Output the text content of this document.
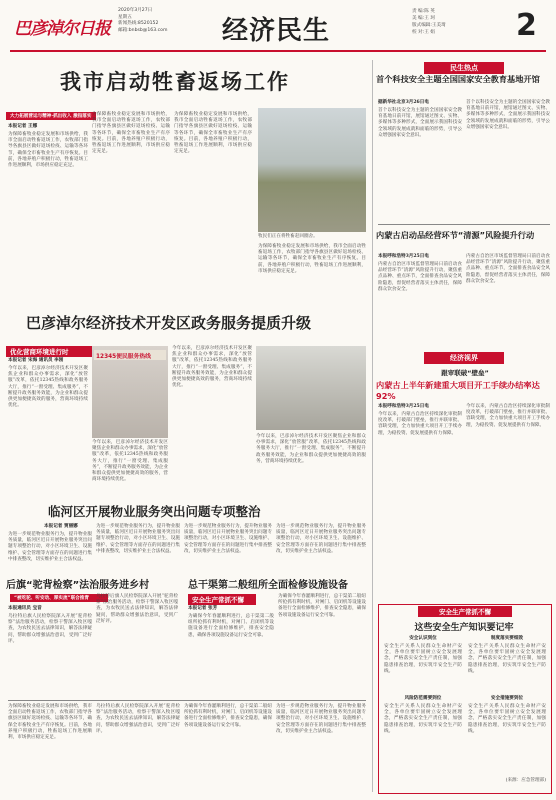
巴彦淖尔日报
2020年3月27日
星期五
新闻热线:8520152
邮箱:bnbsb@163.com 经济民生
责 编:陈 英
美 编:王 珂
版式编辑:王美琦
校 对:王 娟	2
我市启动牲畜返场工作
大力拓展营运与精神·抓出收入 激指落实
本报记者 王娜
为保障畜牧业稳定发展和市场供给，我市全面启动牲畜返场工作，农牧部门指导各旗县区做好返场检疫、运输等各环节，确保全市畜牧业生产有序恢复。目前，各地养殖户积极行动，牲畜返场工作进展顺利，市场供应稳定充足。
为保障畜牧业稳定发展和市场供给，我市全面启动牲畜返场工作，农牧部门指导各旗县区做好返场检疫、运输等各环节，确保全市畜牧业生产有序恢复。目前，各地养殖户积极行动，牲畜返场工作进展顺利，市场供应稳定充足。
为保障畜牧业稳定发展和市场供给，我市全面启动牲畜返场工作，农牧部门指导各旗县区做好返场检疫、运输等各环节，确保全市畜牧业生产有序恢复。目前，各地养殖户积极行动，牲畜返场工作进展顺利，市场供应稳定充足。
牧民们正在将牲畜赶回圈舍。
为保障畜牧业稳定发展和市场供给，我市全面启动牲畜返场工作，农牧部门指导各旗县区做好返场检疫、运输等各环节，确保全市畜牧业生产有序恢复。目前，各地养殖户积极行动，牲畜返场工作进展顺利，市场供应稳定充足。
巴彦淖尔经济技术开发区政务服务提质升级
优化营商环境进行时
本报记者 宋海 通讯员 李刚
今年以来，巴彦淖尔经济技术开发区聚焦企业和群众办事需求，深化“放管服”改革，依托12345热线和政务服务大厅，推行“一窗受理、集成服务”，不断提升政务服务效能，为企业和群众提供更加便捷高效的服务，营商环境持续优化。
12345便民服务热线
今年以来，巴彦淖尔经济技术开发区聚焦企业和群众办事需求，深化“放管服”改革，依托12345热线和政务服务大厅，推行“一窗受理、集成服务”，不断提升政务服务效能，为企业和群众提供更加便捷高效的服务，营商环境持续优化。
今年以来，巴彦淖尔经济技术开发区聚焦企业和群众办事需求，深化“放管服”改革，依托12345热线和政务服务大厅，推行“一窗受理、集成服务”，不断提升政务服务效能，为企业和群众提供更加便捷高效的服务，营商环境持续优化。
今年以来，巴彦淖尔经济技术开发区聚焦企业和群众办事需求，深化“放管服”改革，依托12345热线和政务服务大厅，推行“一窗受理、集成服务”，不断提升政务服务效能，为企业和群众提供更加便捷高效的服务，营商环境持续优化。
临河区开展物业服务突出问题专项整治
本报记者 贾丽娜
为进一步规范物业服务行为，提升物业服务质量，临河区近日开展物业服务突出问题专项整治行动，对小区环境卫生、设施维护、安全管理等方面存在的问题进行集中排查整改，切实维护业主合法权益。
为进一步规范物业服务行为，提升物业服务质量，临河区近日开展物业服务突出问题专项整治行动，对小区环境卫生、设施维护、安全管理等方面存在的问题进行集中排查整改，切实维护业主合法权益。
为进一步规范物业服务行为，提升物业服务质量，临河区近日开展物业服务突出问题专项整治行动，对小区环境卫生、设施维护、安全管理等方面存在的问题进行集中排查整改，切实维护业主合法权益。
为进一步规范物业服务行为，提升物业服务质量，临河区近日开展物业服务突出问题专项整治行动，对小区环境卫生、设施维护、安全管理等方面存在的问题进行集中排查整改，切实维护业主合法权益。
后旗“驼背检察”法治服务进乡村
“被吃驼、听安动、厚实流”联合推青
本报通讯员 宝音
乌拉特后旗人民检察院深入开展“驼背检察”法治服务活动，检察干警深入牧区嘎查，为农牧民送去法律知识，解答法律疑问，帮助群众增强法治意识，受到广泛好评。
乌拉特后旗人民检察院深入开展“驼背检察”法治服务活动，检察干警深入牧区嘎查，为农牧民送去法律知识，解答法律疑问，帮助群众增强法治意识，受到广泛好评。
总干渠第二般纽所全面检修设施设备
安全生产常抓不懈
本报记者 张芳
为确保今年春灌顺利进行，总干渠第二般纽所抢抓有利时机，对闸门、启闭机等设施设备进行全面检修维护，排查安全隐患，确保各项设施设备运行安全可靠。
为确保今年春灌顺利进行，总干渠第二般纽所抢抓有利时机，对闸门、启闭机等设施设备进行全面检修维护，排查安全隐患，确保各项设施设备运行安全可靠。
为保障畜牧业稳定发展和市场供给，我市全面启动牲畜返场工作，农牧部门指导各旗县区做好返场检疫、运输等各环节，确保全市畜牧业生产有序恢复。目前，各地养殖户积极行动，牲畜返场工作进展顺利，市场供应稳定充足。
乌拉特后旗人民检察院深入开展“驼背检察”法治服务活动，检察干警深入牧区嘎查，为农牧民送去法律知识，解答法律疑问，帮助群众增强法治意识，受到广泛好评。
为确保今年春灌顺利进行，总干渠第二般纽所抢抓有利时机，对闸门、启闭机等设施设备进行全面检修维护，排查安全隐患，确保各项设施设备运行安全可靠。
为进一步规范物业服务行为，提升物业服务质量，临河区近日开展物业服务突出问题专项整治行动，对小区环境卫生、设施维护、安全管理等方面存在的问题进行集中排查整改，切实维护业主合法权益。
民生热点
首个科技安全主题全国国家安全教育基地开馆
据新华社北京3月26日电
首个以科技安全为主题的全国国家安全教育基地日前开馆，展馆通过图文、实物、多媒体等多种形式，全面展示我国科技安全领域的发展成就和面临的形势，引导公众增强国家安全意识。
首个以科技安全为主题的全国国家安全教育基地日前开馆，展馆通过图文、实物、多媒体等多种形式，全面展示我国科技安全领域的发展成就和面临的形势，引导公众增强国家安全意识。
内蒙古启动品经营环节“清源”风险提升行动
本报呼和浩特3月25日电
内蒙古自治区市场监督管理局日前启动食品经营环节“清源”风险提升行动，聚焦重点品种、重点环节，全面排查食品安全风险隐患，督促经营者落实主体责任，保障群众饮食安全。
内蒙古自治区市场监督管理局日前启动食品经营环节“清源”风险提升行动，聚焦重点品种、重点环节，全面排查食品安全风险隐患，督促经营者落实主体责任，保障群众饮食安全。
经济视界
跟审联破“壁垒”
内蒙古上半年新建重大项目开工手续办结率达92%
本报呼和浩特3月25日电
今年以来，内蒙古自治区持续深化审批制度改革，打破部门壁垒，推行并联审批、容缺受理，全力加快重大项目开工手续办理，为稳投资、促发展提供有力保障。
今年以来，内蒙古自治区持续深化审批制度改革，打破部门壁垒，推行并联审批、容缺受理，全力加快重大项目开工手续办理，为稳投资、促发展提供有力保障。
安全生产常抓不懈
这些安全生产知识要记牢
安全认识到位	制度落实要细致
安全生产关系人民群众生命财产安全，各单位要牢固树立安全发展理念，严格落实安全生产责任制，加强隐患排查治理，切实筑牢安全生产防线。
安全生产关系人民群众生命财产安全，各单位要牢固树立安全发展理念，严格落实安全生产责任制，加强隐患排查治理，切实筑牢安全生产防线。
风险防范需要到位	安全措施要到位
安全生产关系人民群众生命财产安全，各单位要牢固树立安全发展理念，严格落实安全生产责任制，加强隐患排查治理，切实筑牢安全生产防线。
安全生产关系人民群众生命财产安全，各单位要牢固树立安全发展理念，严格落实安全生产责任制，加强隐患排查治理，切实筑牢安全生产防线。
(来源：应急管理部)
